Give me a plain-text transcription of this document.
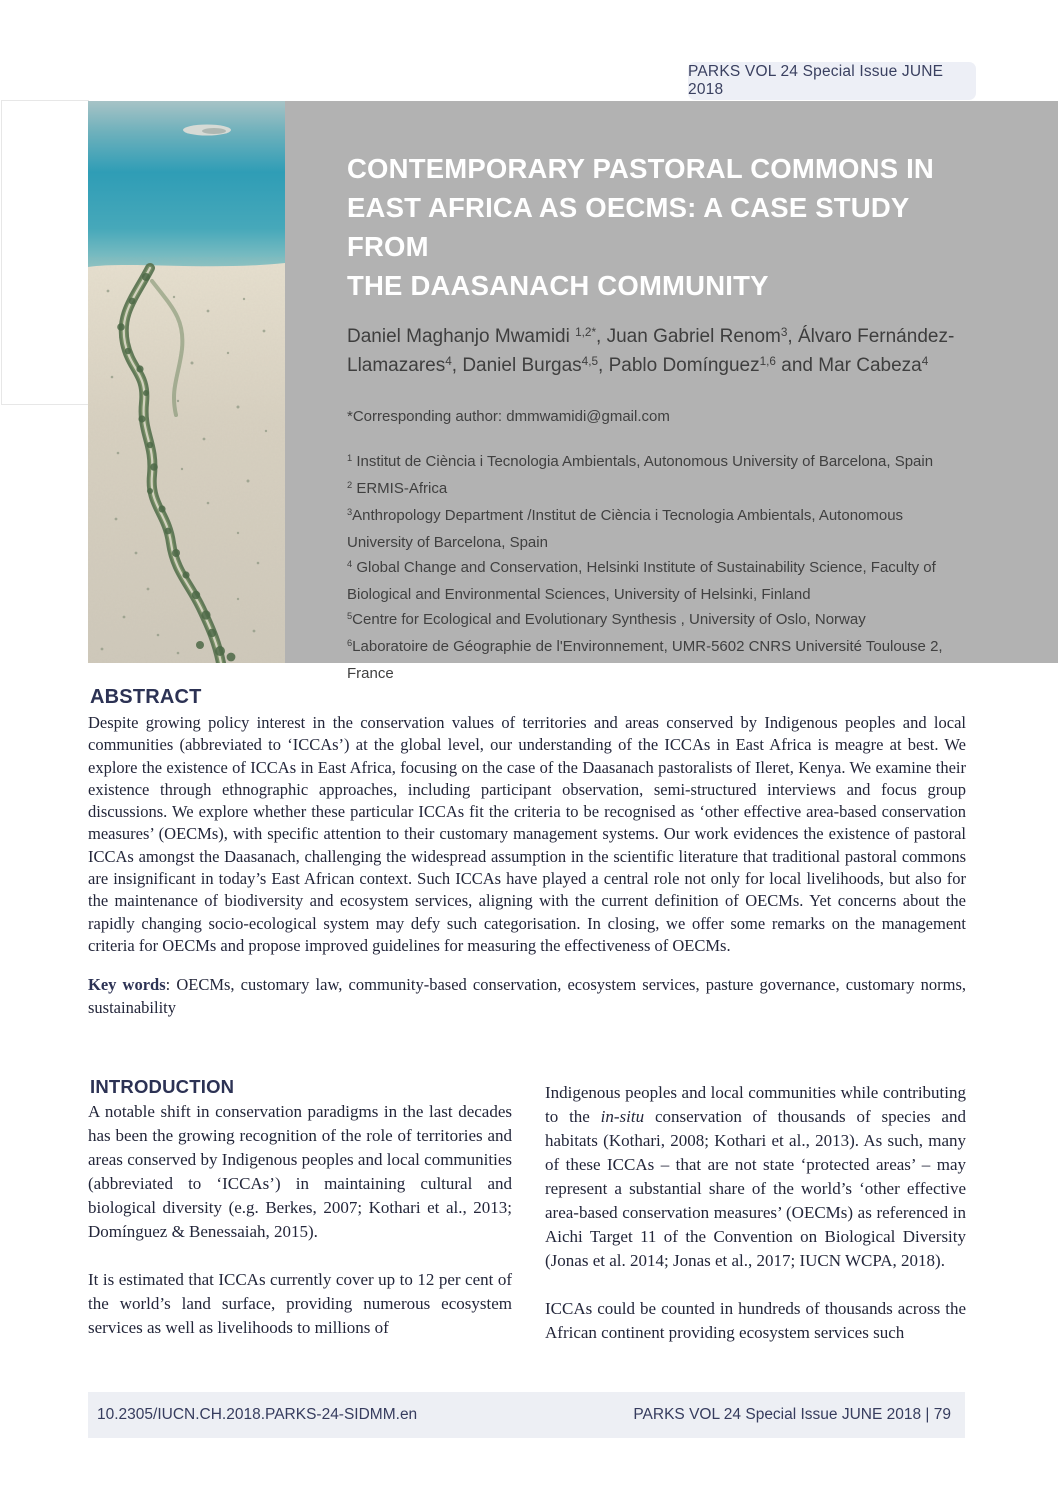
PARKS VOL 24 Special Issue JUNE 2018
CONTEMPORARY PASTORAL COMMONS IN
EAST AFRICA AS OECMS: A CASE STUDY FROM
THE DAASANACH COMMUNITY
Daniel Maghanjo Mwamidi $^{1,2*}$, Juan Gabriel Renom$^3$, Álvaro Fernández-Llamazares$^4$, Daniel Burgas$^{4,5}$, Pablo Domínguez$^{1,6}$ and Mar Cabeza$^4$
*Corresponding author: dmmwamidi@gmail.com

$^1$ Institut de Ciència i Tecnologia Ambientals, Autonomous University of Barcelona, Spain

$^2$ ERMIS-Africa

$^3$Anthropology Department /Institut de Ciència i Tecnologia Ambientals, Autonomous University of Barcelona, Spain

$^4$ Global Change and Conservation, Helsinki Institute of Sustainability Science, Faculty of Biological and Environmental Sciences, University of Helsinki, Finland

$^5$Centre for Ecological and Evolutionary Synthesis , University of Oslo, Norway

$^6$Laboratoire de Géographie de l'Environnement, UMR-5602 CNRS Université Toulouse 2, France

ABSTRACT
Despite growing policy interest in the conservation values of territories and areas conserved by Indigenous peoples and local communities (abbreviated to ‘ICCAs’) at the global level, our understanding of the ICCAs in East Africa is meagre at best. We explore the existence of ICCAs in East Africa, focusing on the case of the Daasanach pastoralists of Ileret, Kenya. We examine their existence through ethnographic approaches, including participant observation, semi-structured interviews and focus group discussions. We explore whether these particular ICCAs fit the criteria to be recognised as ‘other effective area-based conservation measures’ (OECMs), with specific attention to their customary management systems. Our work evidences the existence of pastoral ICCAs amongst the Daasanach, challenging the widespread assumption in the scientific literature that traditional pastoral commons are insignificant in today’s East African context. Such ICCAs have played a central role not only for local livelihoods, but also for the maintenance of biodiversity and ecosystem services, aligning with the current definition of OECMs. Yet concerns about the rapidly changing socio-ecological system may defy such categorisation. In closing, we offer some remarks on the management criteria for OECMs and propose improved guidelines for measuring the effectiveness of OECMs.
Key words: OECMs, customary law, community-based conservation, ecosystem services, pasture governance, customary norms, sustainability
INTRODUCTION

A notable shift in conservation paradigms in the last decades has been the growing recognition of the role of territories and areas conserved by Indigenous peoples and local communities (abbreviated to ‘ICCAs’) in maintaining cultural and biological diversity (e.g. Berkes, 2007; Kothari et al., 2013; Domínguez & Benessaiah, 2015).

It is estimated that ICCAs currently cover up to 12 per cent of the world’s land surface, providing numerous ecosystem services as well as livelihoods to millions of

Indigenous peoples and local communities while contributing to the in-situ conservation of thousands of species and habitats (Kothari, 2008; Kothari et al., 2013). As such, many of these ICCAs – that are not state ‘protected areas’ – may represent a substantial share of the world’s ‘other effective area-based conservation measures’ (OECMs) as referenced in Aichi Target 11 of the Convention on Biological Diversity (Jonas et al. 2014; Jonas et al., 2017; IUCN WCPA, 2018).

ICCAs could be counted in hundreds of thousands across the African continent providing ecosystem services such

10.2305/IUCN.CH.2018.PARKS-24-SIDMM.en	PARKS VOL 24 Special Issue JUNE 2018 | 79
